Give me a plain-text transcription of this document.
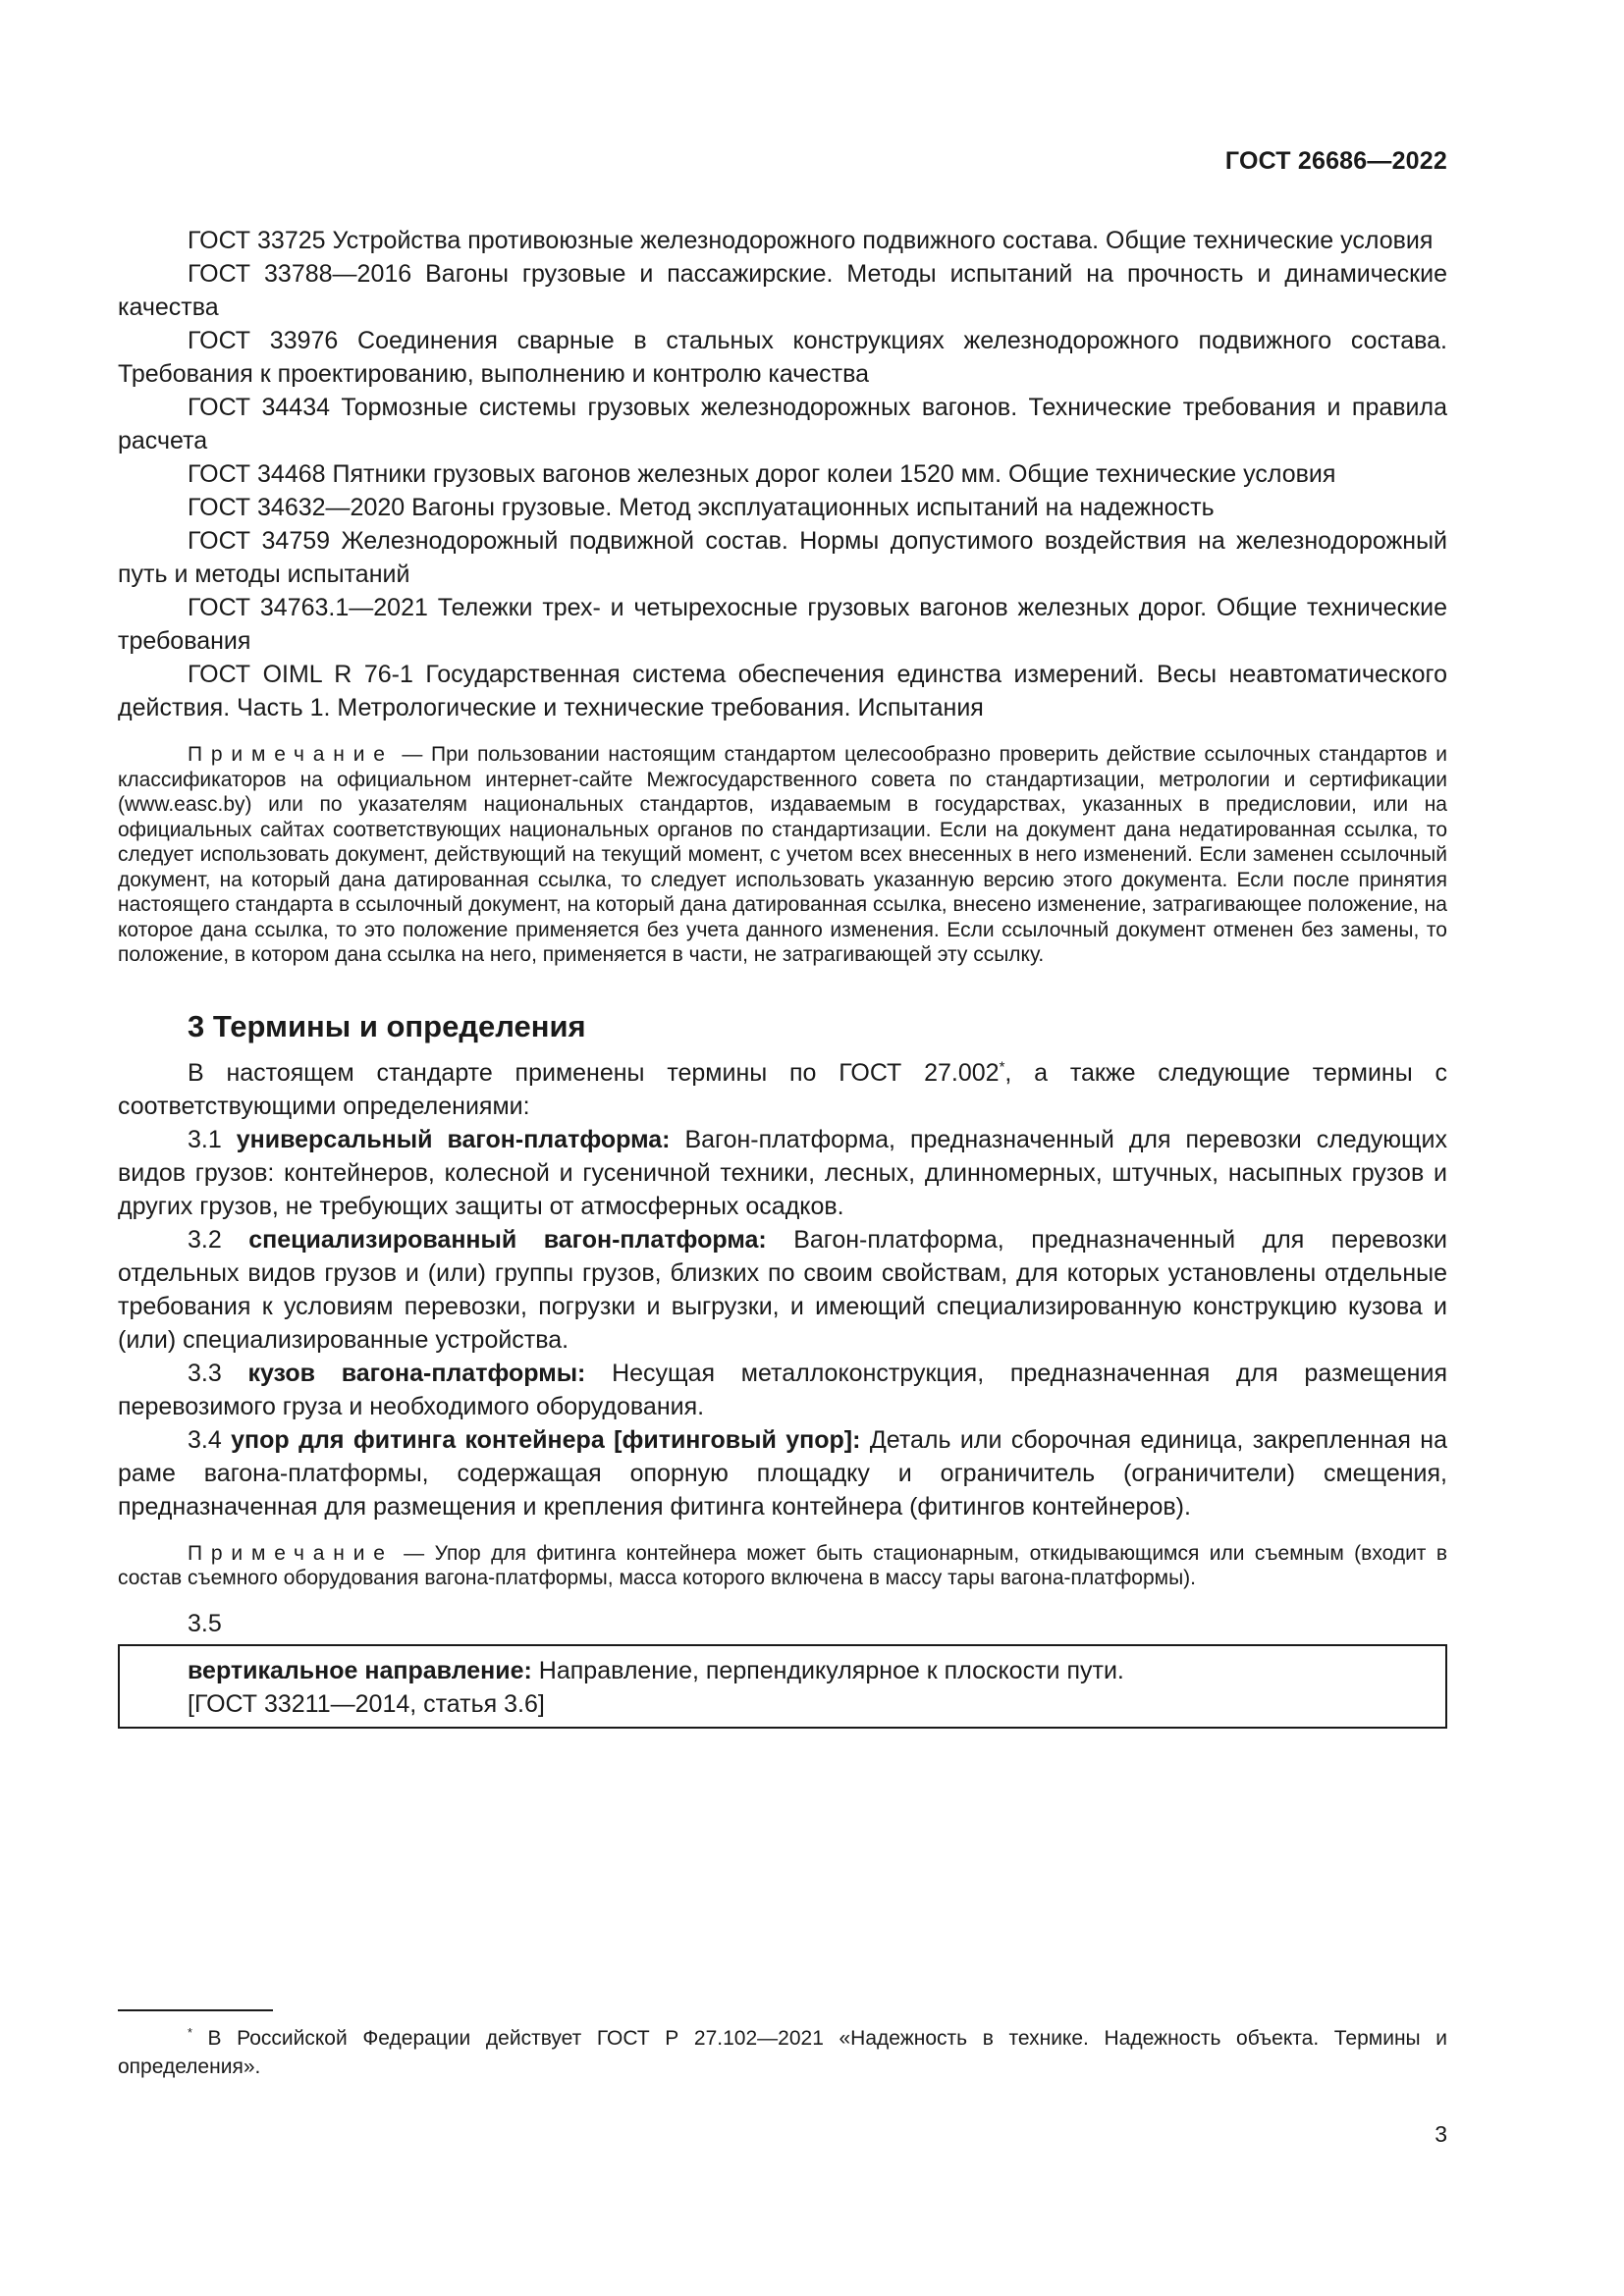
ГОСТ 26686—2022

ГОСТ 33725 Устройства противоюзные железнодорожного подвижного состава. Общие технические условия

ГОСТ 33788—2016 Вагоны грузовые и пассажирские. Методы испытаний на прочность и динамические качества

ГОСТ 33976 Соединения сварные в стальных конструкциях железнодорожного подвижного состава. Требования к проектированию, выполнению и контролю качества

ГОСТ 34434 Тормозные системы грузовых железнодорожных вагонов. Технические требования и правила расчета

ГОСТ 34468 Пятники грузовых вагонов железных дорог колеи 1520 мм. Общие технические условия

ГОСТ 34632—2020 Вагоны грузовые. Метод эксплуатационных испытаний на надежность

ГОСТ 34759 Железнодорожный подвижной состав. Нормы допустимого воздействия на железнодорожный путь и методы испытаний

ГОСТ 34763.1—2021 Тележки трех- и четырехосные грузовых вагонов железных дорог. Общие технические требования

ГОСТ OIML R 76-1 Государственная система обеспечения единства измерений. Весы неавтоматического действия. Часть 1. Метрологические и технические требования. Испытания

Примечание — При пользовании настоящим стандартом целесообразно проверить действие ссылочных стандартов и классификаторов на официальном интернет-сайте Межгосударственного совета по стандартизации, метрологии и сертификации (www.easc.by) или по указателям национальных стандартов, издаваемым в государствах, указанных в предисловии, или на официальных сайтах соответствующих национальных органов по стандартизации. Если на документ дана недатированная ссылка, то следует использовать документ, действующий на текущий момент, с учетом всех внесенных в него изменений. Если заменен ссылочный документ, на который дана датированная ссылка, то следует использовать указанную версию этого документа. Если после принятия настоящего стандарта в ссылочный документ, на который дана датированная ссылка, внесено изменение, затрагивающее положение, на которое дана ссылка, то это положение применяется без учета данного изменения. Если ссылочный документ отменен без замены, то положение, в котором дана ссылка на него, применяется в части, не затрагивающей эту ссылку.

3 Термины и определения

В настоящем стандарте применены термины по ГОСТ 27.002*, а также следующие термины с соответствующими определениями:

3.1 универсальный вагон-платформа: Вагон-платформа, предназначенный для перевозки следующих видов грузов: контейнеров, колесной и гусеничной техники, лесных, длинномерных, штучных, насыпных грузов и других грузов, не требующих защиты от атмосферных осадков.

3.2 специализированный вагон-платформа: Вагон-платформа, предназначенный для перевозки отдельных видов грузов и (или) группы грузов, близких по своим свойствам, для которых установлены отдельные требования к условиям перевозки, погрузки и выгрузки, и имеющий специализированную конструкцию кузова и (или) специализированные устройства.

3.3 кузов вагона-платформы: Несущая металлоконструкция, предназначенная для размещения перевозимого груза и необходимого оборудования.

3.4 упор для фитинга контейнера [фитинговый упор]: Деталь или сборочная единица, закрепленная на раме вагона-платформы, содержащая опорную площадку и ограничитель (ограничители) смещения, предназначенная для размещения и крепления фитинга контейнера (фитингов контейнеров).

Примечание — Упор для фитинга контейнера может быть стационарным, откидывающимся или съемным (входит в состав съемного оборудования вагона-платформы, масса которого включена в массу тары вагона-платформы).

3.5

вертикальное направление: Направление, перпендикулярное к плоскости пути.
[ГОСТ 33211—2014, статья 3.6]
* В Российской Федерации действует ГОСТ Р 27.102—2021 «Надежность в технике. Надежность объекта. Термины и определения».
3
